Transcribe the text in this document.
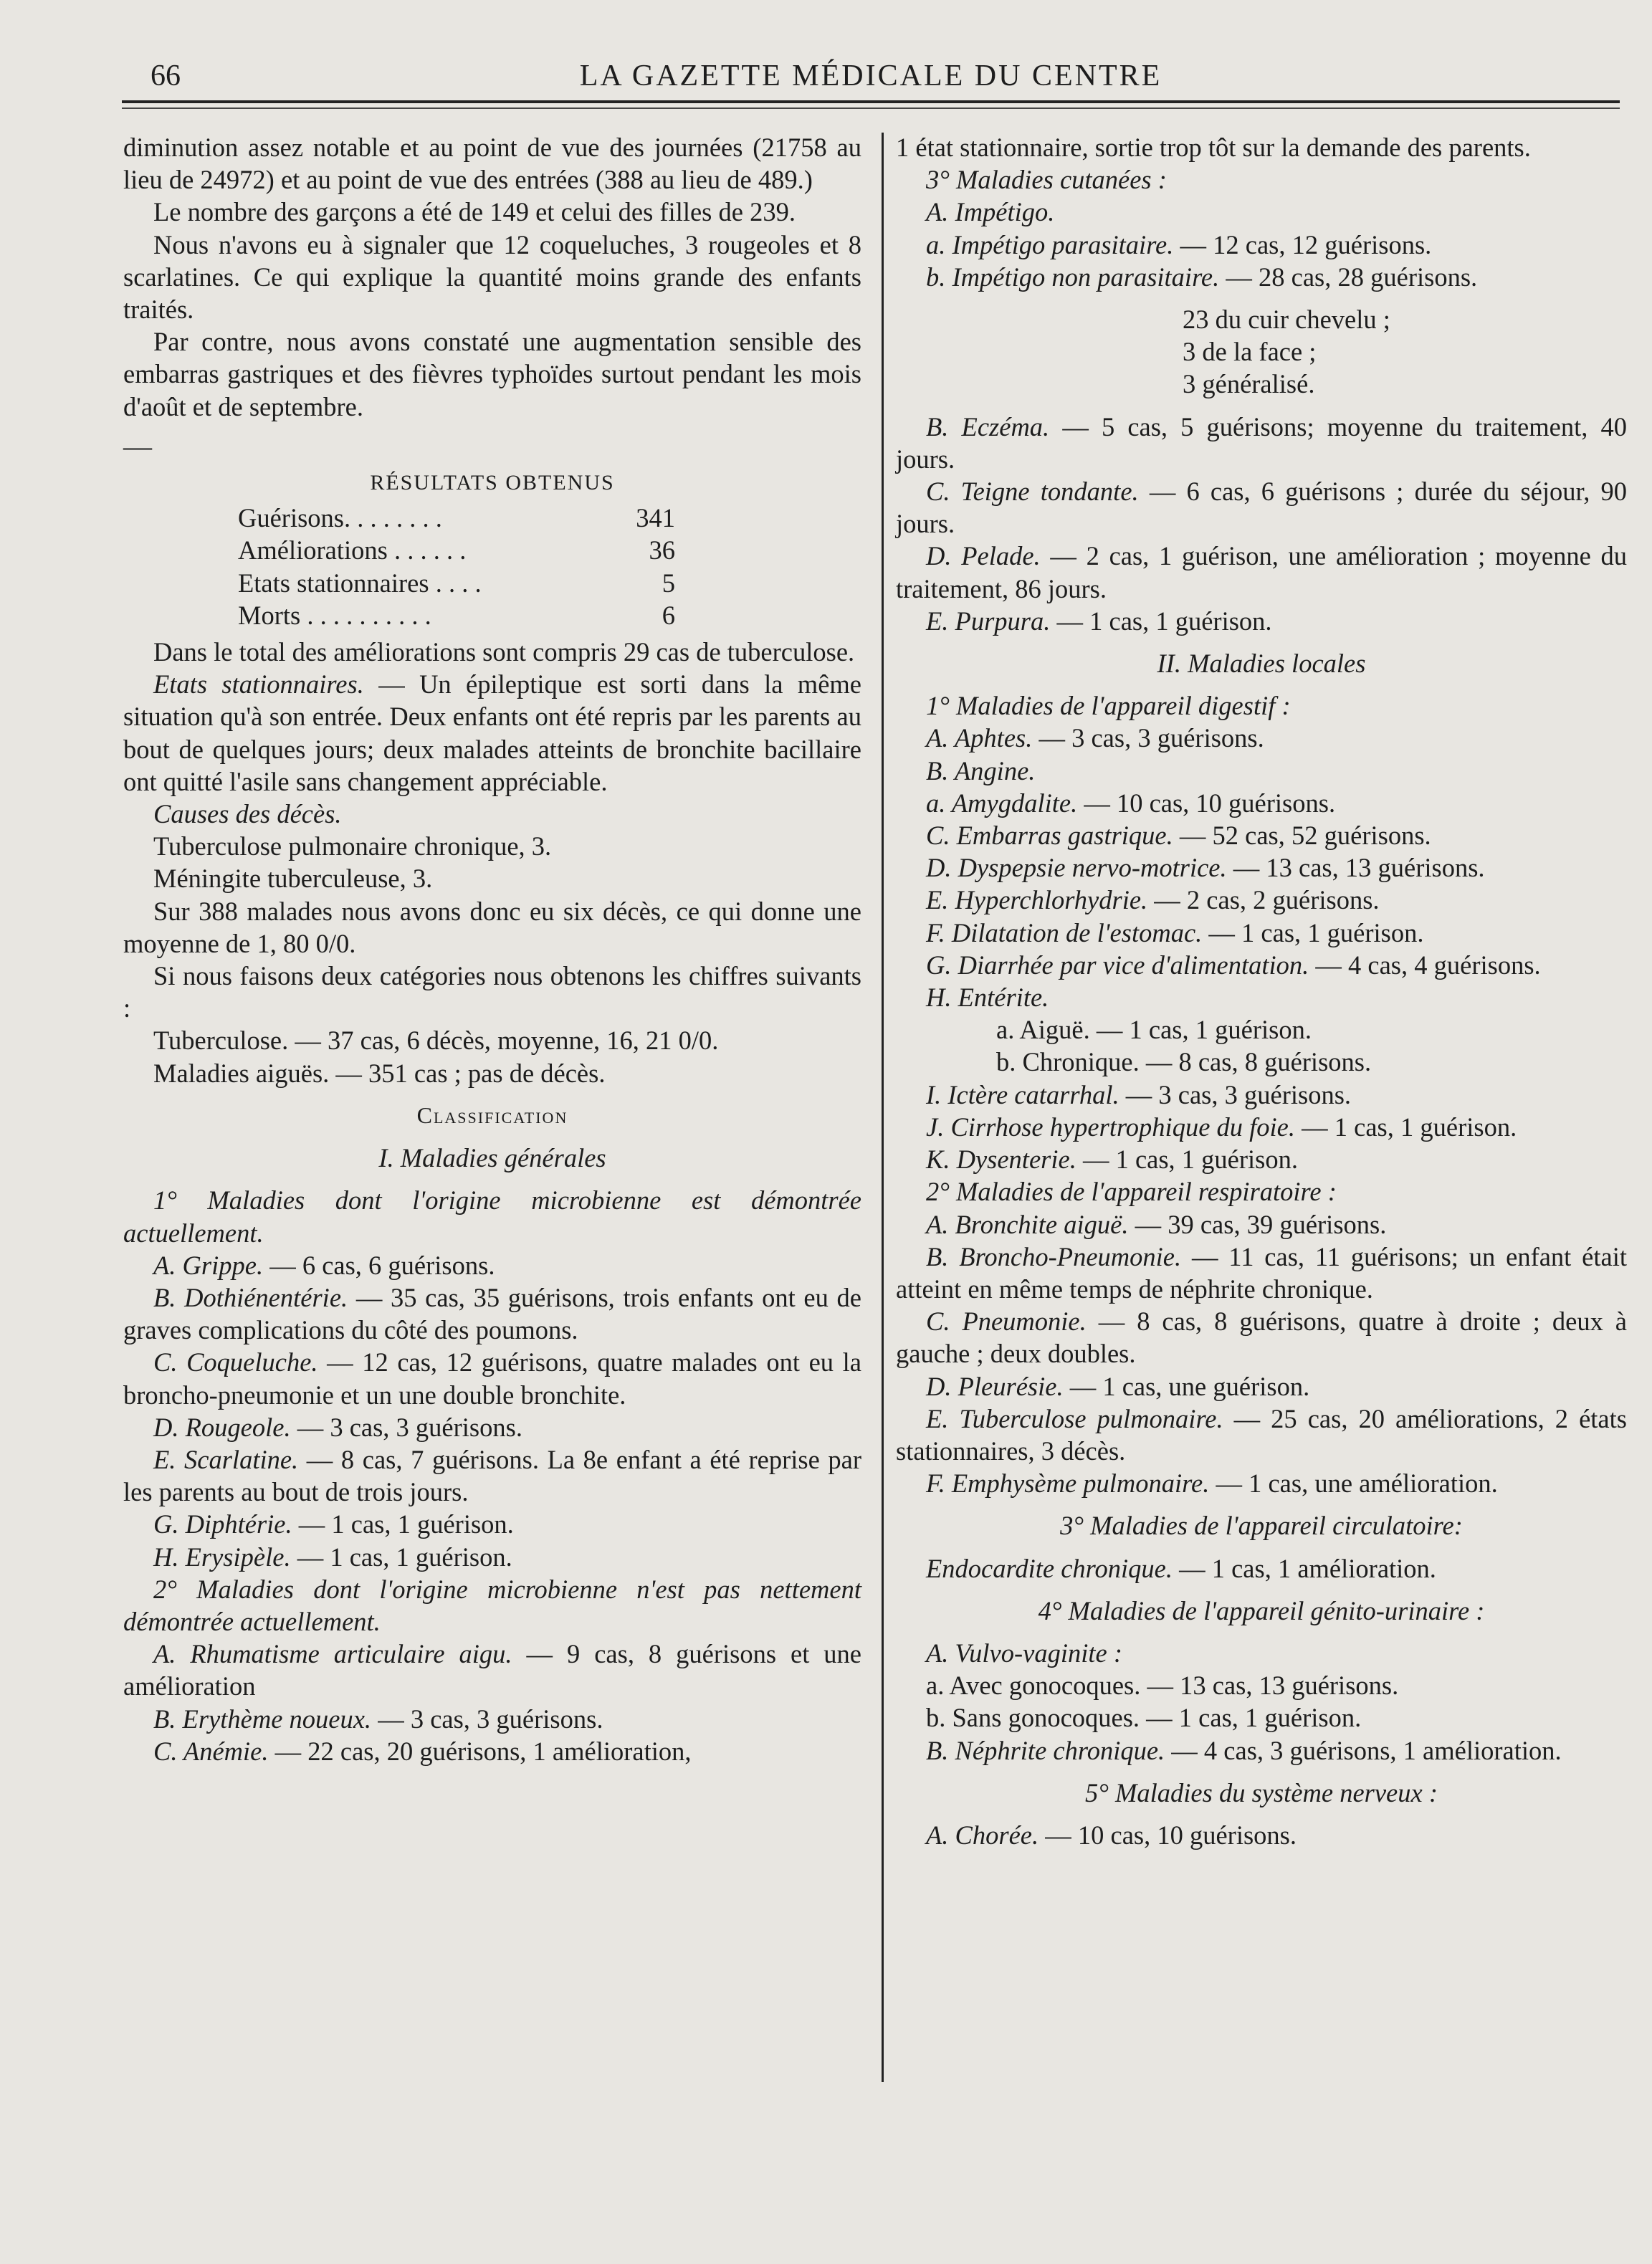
66	LA GAZETTE MÉDICALE DU CENTRE

diminution assez notable et au point de vue des journées (21758 au lieu de 24972) et au point de vue des entrées (388 au lieu de 489.)

Le nombre des garçons a été de 149 et celui des filles de 239.

Nous n'avons eu à signaler que 12 coqueluches, 3 rougeoles et 8 scarlatines. Ce qui explique la quantité moins grande des enfants traités.

Par contre, nous avons constaté une augmentation sensible des embarras gastriques et des fièvres typhoïdes surtout pendant les mois d'août et de septembre.

—

RÉSULTATS OBTENUS

Guérisons. . . . . . . .	341
Améliorations . . . . . .	36
Etats stationnaires . . . .	5
Morts . . . . . . . . . .	6

Dans le total des améliorations sont compris 29 cas de tuberculose.

Etats stationnaires. — Un épileptique est sorti dans la même situation qu'à son entrée. Deux enfants ont été repris par les parents au bout de quelques jours; deux malades atteints de bronchite bacillaire ont quitté l'asile sans changement appréciable.

Causes des décès.

Tuberculose pulmonaire chronique, 3.

Méningite tuberculeuse, 3.

Sur 388 malades nous avons donc eu six décès, ce qui donne une moyenne de 1, 80 0/0.

Si nous faisons deux catégories nous obtenons les chiffres suivants :

Tuberculose. — 37 cas, 6 décès, moyenne, 16, 21 0/0.

Maladies aiguës. — 351 cas ; pas de décès.

Classification

I. Maladies générales

1° Maladies dont l'origine microbienne est démontrée actuellement.

A. Grippe. — 6 cas, 6 guérisons.

B. Dothiénentérie. — 35 cas, 35 guérisons, trois enfants ont eu de graves complications du côté des poumons.

C. Coqueluche. — 12 cas, 12 guérisons, quatre malades ont eu la broncho-pneumonie et un une double bronchite.

D. Rougeole. — 3 cas, 3 guérisons.

E. Scarlatine. — 8 cas, 7 guérisons. La 8e enfant a été reprise par les parents au bout de trois jours.

G. Diphtérie. — 1 cas, 1 guérison.

H. Erysipèle. — 1 cas, 1 guérison.

2° Maladies dont l'origine microbienne n'est pas nettement démontrée actuellement.

A. Rhumatisme articulaire aigu. — 9 cas, 8 guérisons et une amélioration

B. Erythème noueux. — 3 cas, 3 guérisons.

C. Anémie. — 22 cas, 20 guérisons, 1 amélioration,

1 état stationnaire, sortie trop tôt sur la demande des parents.

3° Maladies cutanées :

A. Impétigo.

a. Impétigo parasitaire. — 12 cas, 12 guérisons.

b. Impétigo non parasitaire. — 28 cas, 28 guérisons.

23 du cuir chevelu ;

3 de la face ;

3 généralisé.

B. Eczéma. — 5 cas, 5 guérisons; moyenne du traitement, 40 jours.

C. Teigne tondante. — 6 cas, 6 guérisons ; durée du séjour, 90 jours.

D. Pelade. — 2 cas, 1 guérison, une amélioration ; moyenne du traitement, 86 jours.

E. Purpura. — 1 cas, 1 guérison.

II. Maladies locales

1° Maladies de l'appareil digestif :

A. Aphtes. — 3 cas, 3 guérisons.

B. Angine.

a. Amygdalite. — 10 cas, 10 guérisons.

C. Embarras gastrique. — 52 cas, 52 guérisons.

D. Dyspepsie nervo-motrice. — 13 cas, 13 guérisons.

E. Hyperchlorhydrie. — 2 cas, 2 guérisons.

F. Dilatation de l'estomac. — 1 cas, 1 guérison.

G. Diarrhée par vice d'alimentation. — 4 cas, 4 guérisons.

H. Entérite.

a. Aiguë. — 1 cas, 1 guérison.

b. Chronique. — 8 cas, 8 guérisons.

I. Ictère catarrhal. — 3 cas, 3 guérisons.

J. Cirrhose hypertrophique du foie. — 1 cas, 1 guérison.

K. Dysenterie. — 1 cas, 1 guérison.

2° Maladies de l'appareil respiratoire :

A. Bronchite aiguë. — 39 cas, 39 guérisons.

B. Broncho-Pneumonie. — 11 cas, 11 guérisons; un enfant était atteint en même temps de néphrite chronique.

C. Pneumonie. — 8 cas, 8 guérisons, quatre à droite ; deux à gauche ; deux doubles.

D. Pleurésie. — 1 cas, une guérison.

E. Tuberculose pulmonaire. — 25 cas, 20 améliorations, 2 états stationnaires, 3 décès.

F. Emphysème pulmonaire. — 1 cas, une amélioration.

3° Maladies de l'appareil circulatoire:

Endocardite chronique. — 1 cas, 1 amélioration.

4° Maladies de l'appareil génito-urinaire :

A. Vulvo-vaginite :

a. Avec gonocoques. — 13 cas, 13 guérisons.

b. Sans gonocoques. — 1 cas, 1 guérison.

B. Néphrite chronique. — 4 cas, 3 guérisons, 1 amélioration.

5° Maladies du système nerveux :

A. Chorée. — 10 cas, 10 guérisons.
